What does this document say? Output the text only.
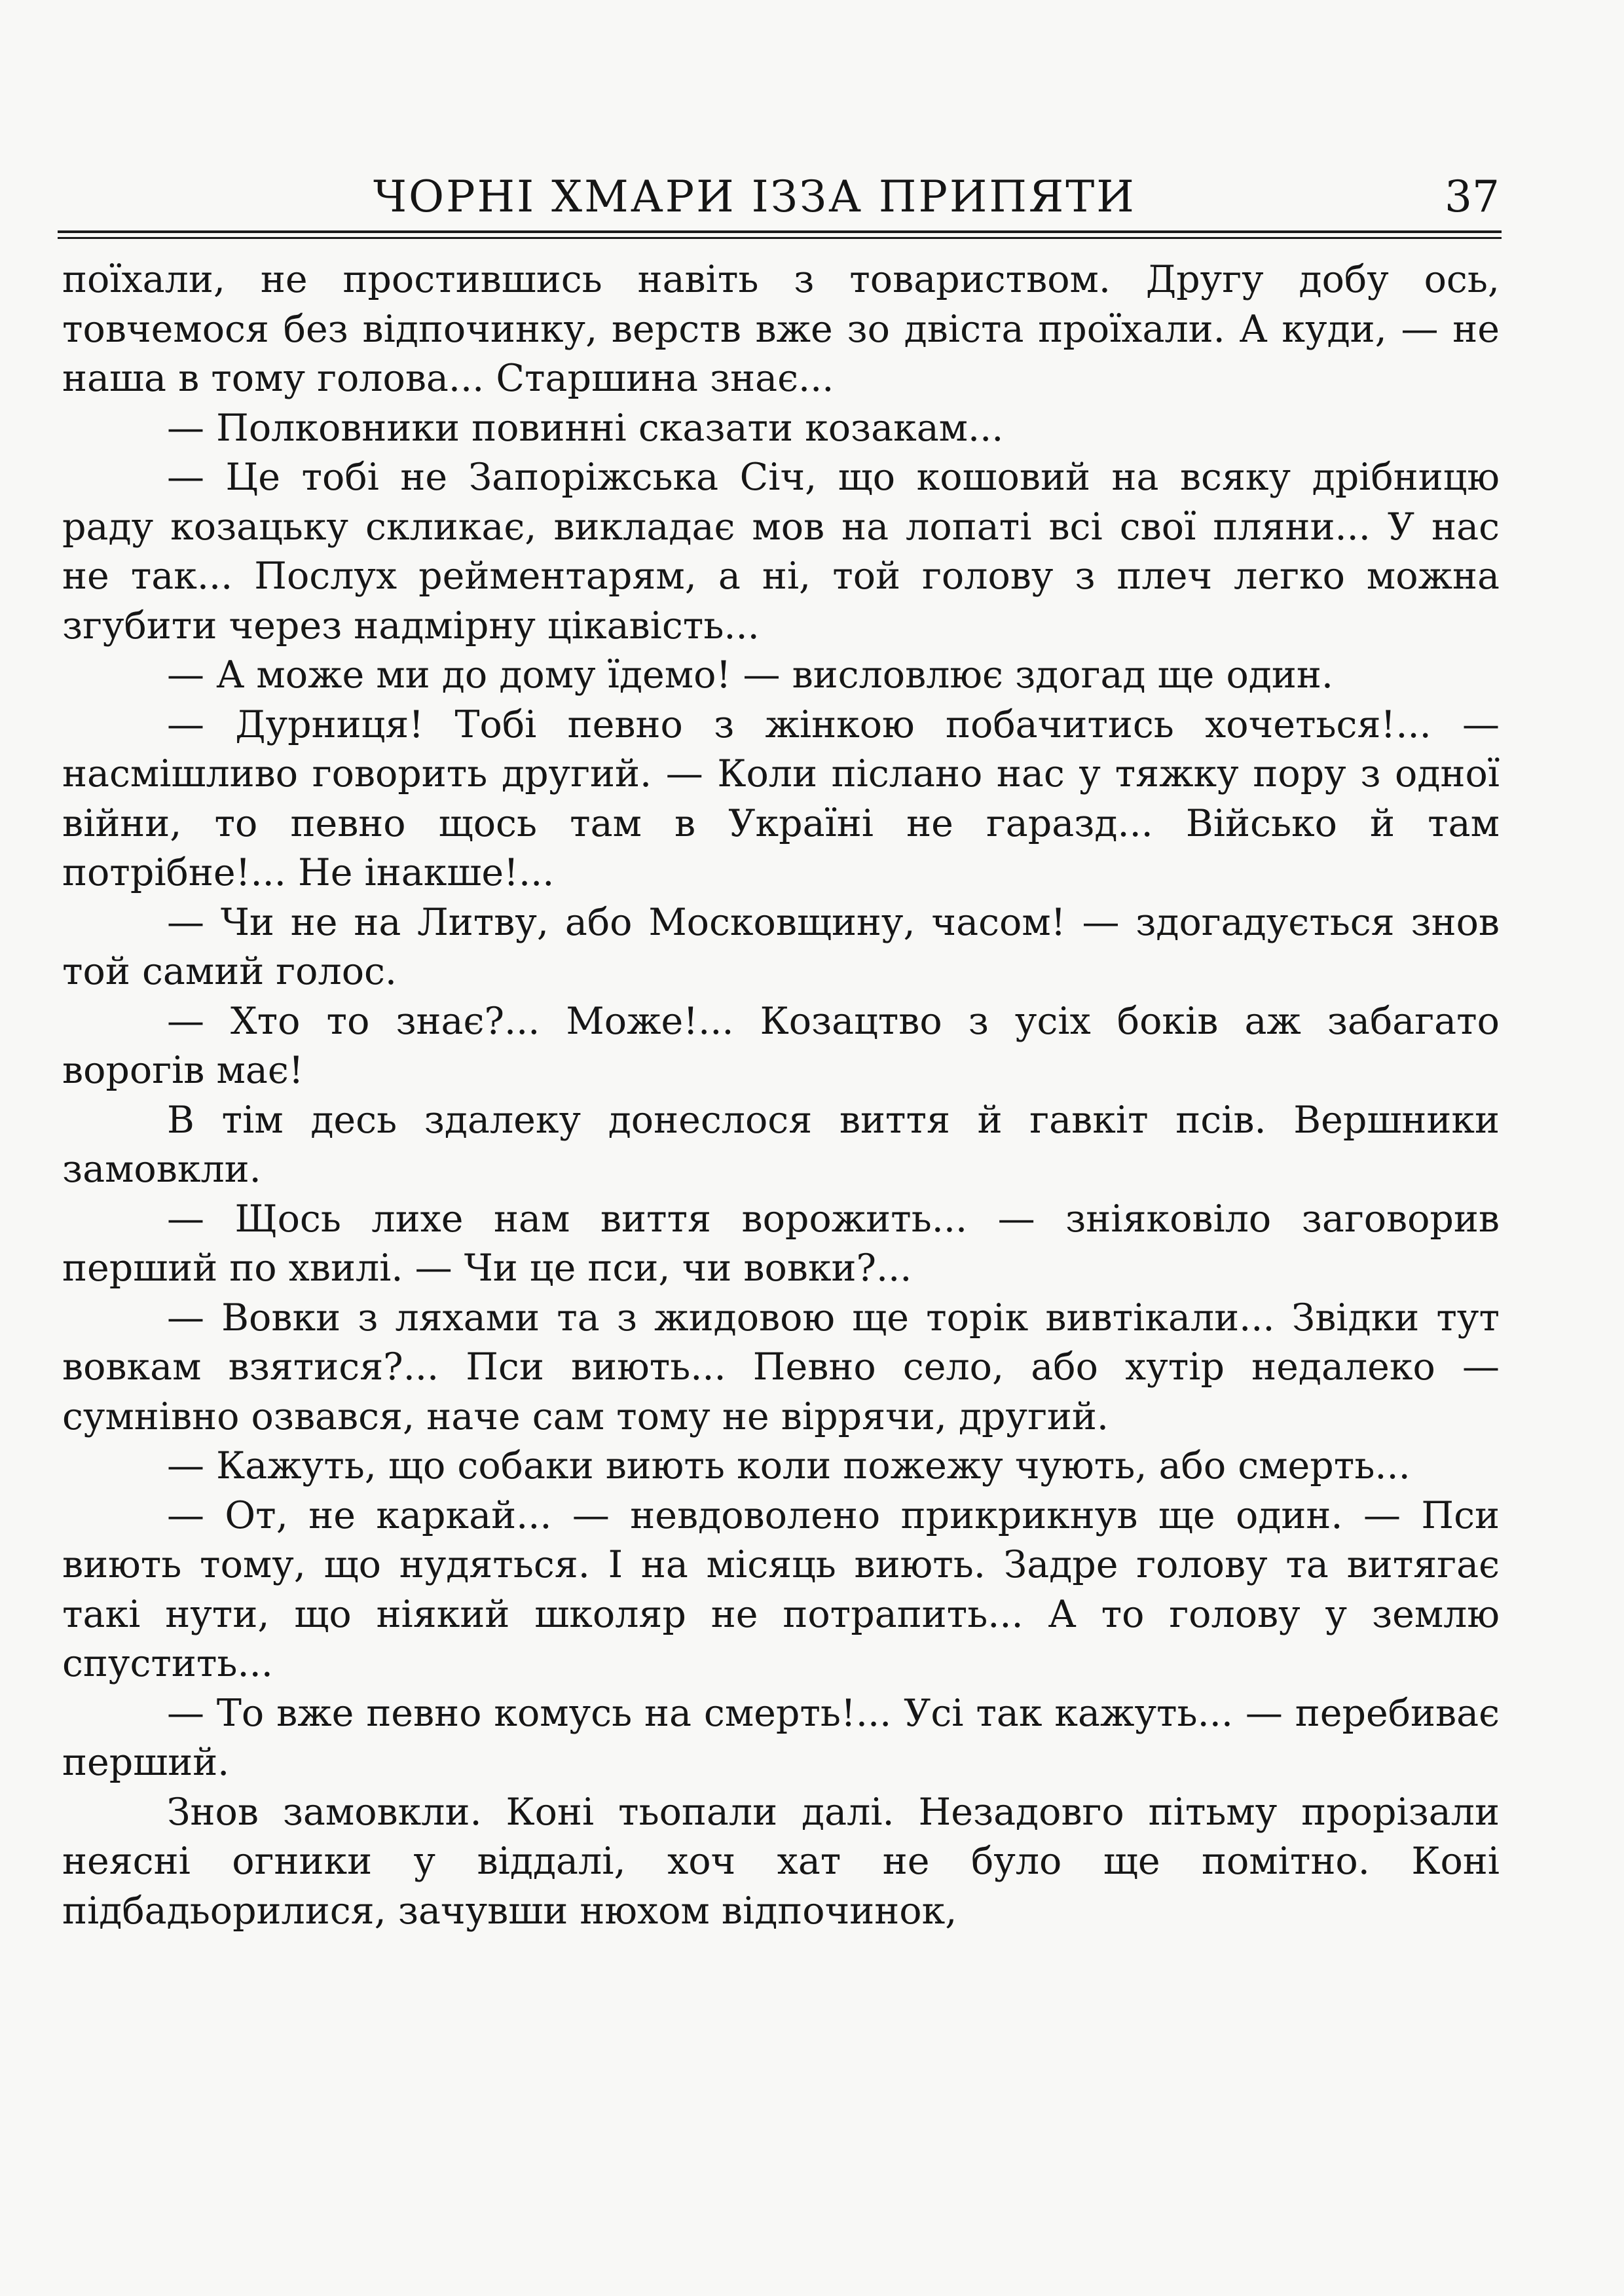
ЧОРНІ ХМАРИ ІЗЗА ПРИПЯТИ	37

поїхали, не простившись навіть з товариством. Другу добу ось, товчемося без відпочинку, верств вже зо двіста проїхали. А куди, — не наша в тому голова... Старшина знає...

— Полковники повинні сказати козакам...

— Це тобі не Запоріжська Січ, що кошовий на всяку дрібницю раду козацьку скликає, викладає мов на лопаті всі свої пляни... У нас не так... Послух рейментарям, а ні, той голову з плеч легко можна згубити через надмірну цікавість...

— А може ми до дому їдемо! — висловлює здогад ще один.

— Дурниця! Тобі певно з жінкою побачитись хочеться!... — насмішливо говорить другий. — Коли післано нас у тяжку пору з одної війни, то певно щось там в Україні не гаразд... Військо й там потрібне!... Не інакше!...

— Чи не на Литву, або Московщину, часом! — здогадується знов той самий голос.

— Хто то знає?... Може!... Козацтво з усіх боків аж забагато ворогів має!

В тім десь здалеку донеслося виття й гавкіт псів. Вершники замовкли.

— Щось лихе нам виття ворожить... — зніяковіло заговорив перший по хвилі. — Чи це пси, чи вовки?...

— Вовки з ляхами та з жидовою ще торік вивтікали... Звідки тут вовкам взятися?... Пси виють... Певно село, або хутір недалеко — сумнівно озвався, наче сам тому не віррячи, другий.

— Кажуть, що собаки виють коли пожежу чують, або смерть...

— От, не каркай... — невдоволено прикрикнув ще один. — Пси виють тому, що нудяться. І на місяць виють. Задре голову та витягає такі нути, що ніякий школяр не потрапить... А то голову у землю спустить...

— То вже певно комусь на смерть!... Усі так кажуть... — перебиває перший.

Знов замовкли. Коні тьопали далі. Незадовго пітьму прорізали неясні огники у віддалі, хоч хат не було ще помітно. Коні підбадьорилися, зачувши нюхом відпочинок,
